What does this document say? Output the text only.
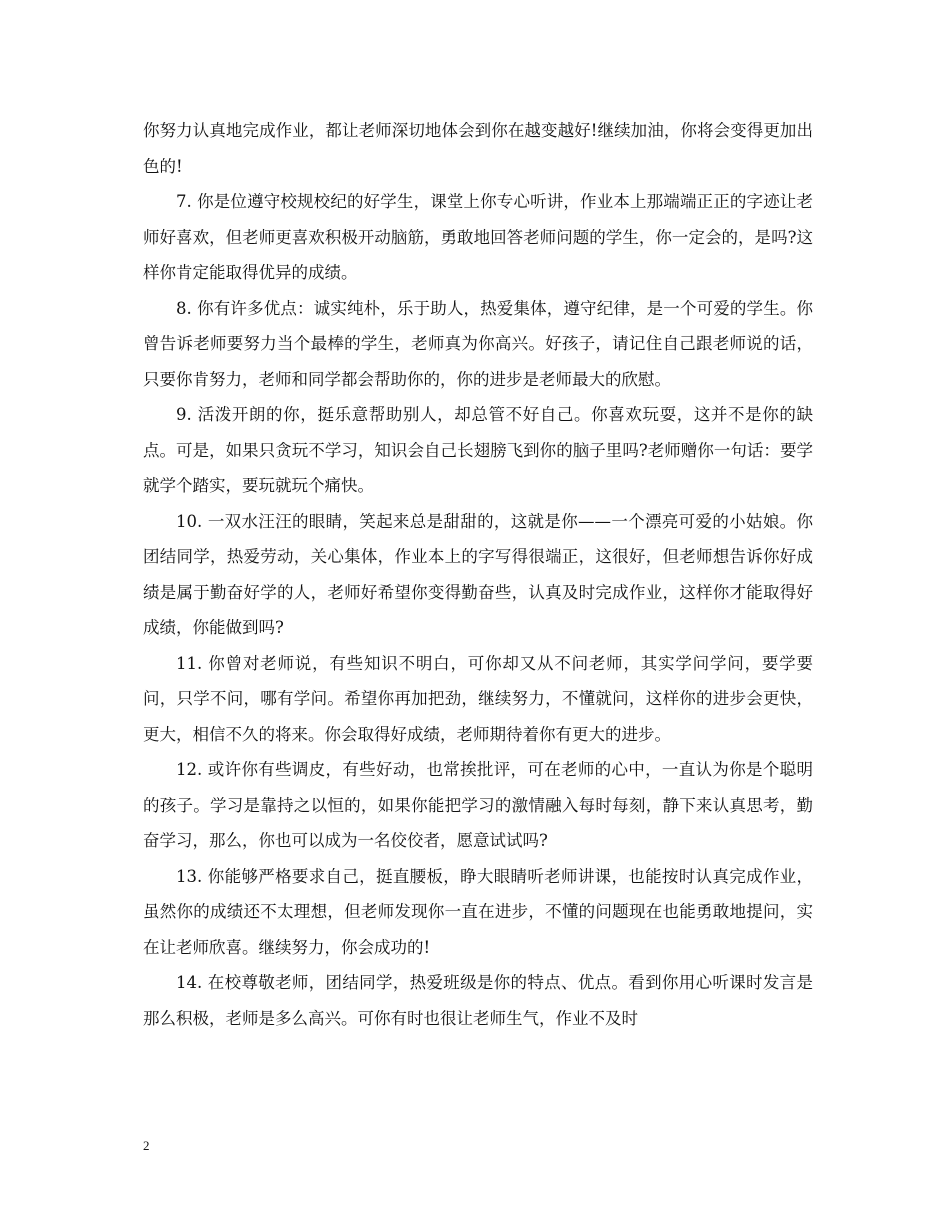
你努力认真地完成作业，都让老师深切地体会到你在越变越好!继续加油，你将会变得更加出色的!

7. 你是位遵守校规校纪的好学生，课堂上你专心听讲，作业本上那端端正正的字迹让老师好喜欢，但老师更喜欢积极开动脑筋，勇敢地回答老师问题的学生，你一定会的，是吗?这样你肯定能取得优异的成绩。

8. 你有许多优点：诚实纯朴，乐于助人，热爱集体，遵守纪律，是一个可爱的学生。你曾告诉老师要努力当个最棒的学生，老师真为你高兴。好孩子，请记住自己跟老师说的话，只要你肯努力，老师和同学都会帮助你的，你的进步是老师最大的欣慰。

9. 活泼开朗的你，挺乐意帮助别人，却总管不好自己。你喜欢玩耍，这并不是你的缺点。可是，如果只贪玩不学习，知识会自己长翅膀飞到你的脑子里吗?老师赠你一句话：要学就学个踏实，要玩就玩个痛快。

10. 一双水汪汪的眼睛，笑起来总是甜甜的，这就是你——一个漂亮可爱的小姑娘。你团结同学，热爱劳动，关心集体，作业本上的字写得很端正，这很好，但老师想告诉你好成绩是属于勤奋好学的人，老师好希望你变得勤奋些，认真及时完成作业，这样你才能取得好成绩，你能做到吗?

11. 你曾对老师说，有些知识不明白，可你却又从不问老师，其实学问学问，要学要问，只学不问，哪有学问。希望你再加把劲，继续努力，不懂就问，这样你的进步会更快，更大，相信不久的将来。你会取得好成绩，老师期待着你有更大的进步。

12. 或许你有些调皮，有些好动，也常挨批评，可在老师的心中，一直认为你是个聪明的孩子。学习是靠持之以恒的，如果你能把学习的激情融入每时每刻，静下来认真思考，勤奋学习，那么，你也可以成为一名佼佼者，愿意试试吗?

13. 你能够严格要求自己，挺直腰板，睁大眼睛听老师讲课，也能按时认真完成作业，虽然你的成绩还不太理想，但老师发现你一直在进步，不懂的问题现在也能勇敢地提问，实在让老师欣喜。继续努力，你会成功的!

14. 在校尊敬老师，团结同学，热爱班级是你的特点、优点。看到你用心听课时发言是那么积极，老师是多么高兴。可你有时也很让老师生气，作业不及时

2
